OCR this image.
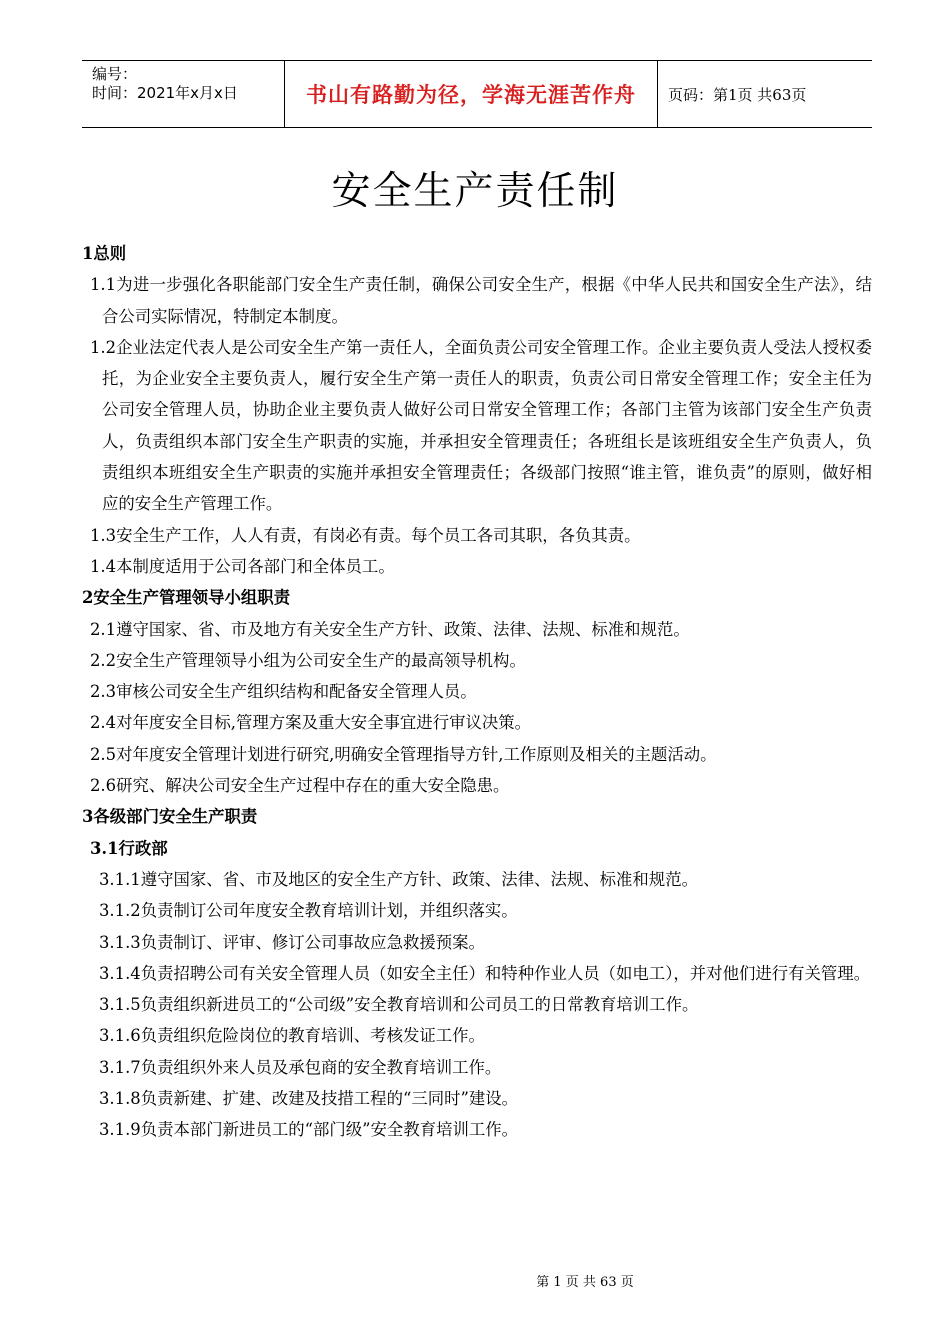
编号：
时间：2021年x月x日	书山有路勤为径，学海无涯苦作舟 页码：第1页 共63页
安全生产责任制
1总则

1.1为进一步强化各职能部门安全生产责任制，确保公司安全生产，根据《中华人民共和国安全生产法》，结合公司实际情况，特制定本制度。

1.2企业法定代表人是公司安全生产第一责任人，全面负责公司安全管理工作。企业主要负责人受法人授权委托，为企业安全主要负责人，履行安全生产第一责任人的职责，负责公司日常安全管理工作；安全主任为公司安全管理人员，协助企业主要负责人做好公司日常安全管理工作；各部门主管为该部门安全生产负责人，负责组织本部门安全生产职责的实施，并承担安全管理责任；各班组长是该班组安全生产负责人，负责组织本班组安全生产职责的实施并承担安全管理责任；各级部门按照“谁主管，谁负责”的原则，做好相应的安全生产管理工作。

1.3安全生产工作，人人有责，有岗必有责。每个员工各司其职，各负其责。

1.4本制度适用于公司各部门和全体员工。

2安全生产管理领导小组职责

2.1遵守国家、省、市及地方有关安全生产方针、政策、法律、法规、标准和规范。

2.2安全生产管理领导小组为公司安全生产的最高领导机构。

2.3审核公司安全生产组织结构和配备安全管理人员。

2.4对年度安全目标,管理方案及重大安全事宜进行审议决策。

2.5对年度安全管理计划进行研究,明确安全管理指导方针,工作原则及相关的主题活动。

2.6研究、解决公司安全生产过程中存在的重大安全隐患。

3各级部门安全生产职责
3.1行政部

3.1.1遵守国家、省、市及地区的安全生产方针、政策、法律、法规、标准和规范。

3.1.2负责制订公司年度安全教育培训计划，并组织落实。

3.1.3负责制订、评审、修订公司事故应急救援预案。

3.1.4负责招聘公司有关安全管理人员（如安全主任）和特种作业人员（如电工），并对他们进行有关管理。

3.1.5负责组织新进员工的“公司级”安全教育培训和公司员工的日常教育培训工作。

3.1.6负责组织危险岗位的教育培训、考核发证工作。

3.1.7负责组织外来人员及承包商的安全教育培训工作。

3.1.8负责新建、扩建、改建及技措工程的“三同时”建设。

3.1.9负责本部门新进员工的“部门级”安全教育培训工作。

第 1 页 共 63 页
